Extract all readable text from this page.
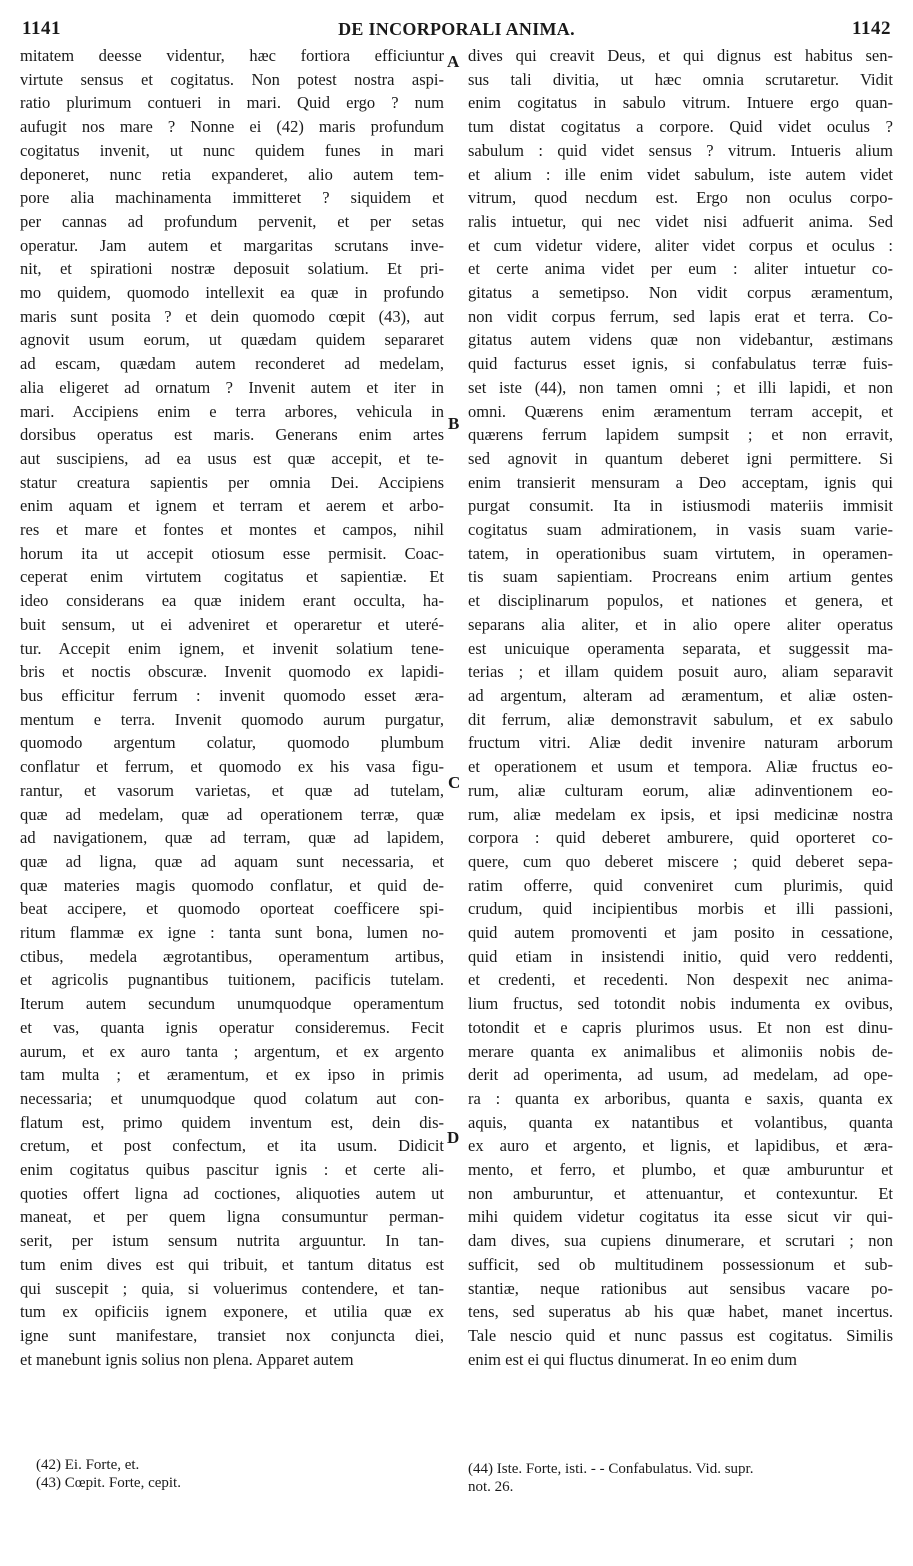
1141	DE INCORPORALI ANIMA.	1142
mitatem deesse videntur, hæc fortiora efficiuntur
virtute sensus et cogitatus. Non potest nostra aspi-
ratio plurimum contueri in mari. Quid ergo ? num
aufugit nos mare ? Nonne ei (42) maris profundum
cogitatus invenit, ut nunc quidem funes in mari
deponeret, nunc retia expanderet, alio autem tem-
pore alia machinamenta immitteret ? siquidem et
per cannas ad profundum pervenit, et per setas
operatur. Jam autem et margaritas scrutans inve-
nit, et spirationi nostræ deposuit solatium. Et pri-
mo quidem, quomodo intellexit ea quæ in profundo
maris sunt posita ? et dein quomodo cœpit (43), aut
agnovit usum eorum, ut quædam quidem separaret
ad escam, quædam autem reconderet ad medelam,
alia eligeret ad ornatum ? Invenit autem et iter in
mari. Accipiens enim e terra arbores, vehicula in
dorsibus operatus est maris. Generans enim artes
aut suscipiens, ad ea usus est quæ accepit, et te-
statur creatura sapientis per omnia Dei. Accipiens
enim aquam et ignem et terram et aerem et arbo-
res et mare et fontes et montes et campos, nihil
horum ita ut accepit otiosum esse permisit. Coac-
ceperat enim virtutem cogitatus et sapientiæ. Et
ideo considerans ea quæ inidem erant occulta, ha-
buit sensum, ut ei adveniret et operaretur et uteré-
tur. Accepit enim ignem, et invenit solatium tene-
bris et noctis obscuræ. Invenit quomodo ex lapidi-
bus efficitur ferrum : invenit quomodo esset æra-
mentum e terra. Invenit quomodo aurum purgatur,
quomodo argentum colatur, quomodo plumbum
conflatur et ferrum, et quomodo ex his vasa figu-
rantur, et vasorum varietas, et quæ ad tutelam,
quæ ad medelam, quæ ad operationem terræ, quæ
ad navigationem, quæ ad terram, quæ ad lapidem,
quæ ad ligna, quæ ad aquam sunt necessaria, et
quæ materies magis quomodo conflatur, et quid de-
beat accipere, et quomodo oporteat coefficere spi-
ritum flammæ ex igne : tanta sunt bona, lumen no-
ctibus, medela ægrotantibus, operamentum artibus,
et agricolis pugnantibus tuitionem, pacificis tutelam.
Iterum autem secundum unumquodque operamentum
et vas, quanta ignis operatur consideremus. Fecit
aurum, et ex auro tanta ; argentum, et ex argento
tam multa ; et æramentum, et ex ipso in primis
necessaria; et unumquodque quod colatum aut con-
flatum est, primo quidem inventum est, dein dis-
cretum, et post confectum, et ita usum. Didicit
enim cogitatus quibus pascitur ignis : et certe ali-
quoties offert ligna ad coctiones, aliquoties autem ut
maneat, et per quem ligna consumuntur perman-
serit, per istum sensum nutrita arguuntur. In tan-
tum enim dives est qui tribuit, et tantum ditatus est
qui suscepit ; quia, si voluerimus contendere, et tan-
tum ex opificiis ignem exponere, et utilia quæ ex
igne sunt manifestare, transiet nox conjuncta diei,
et manebunt ignis solius non plena. Apparet autem
dives qui creavit Deus, et qui dignus est habitus sen-
sus tali divitia, ut hæc omnia scrutaretur. Vidit
enim cogitatus in sabulo vitrum. Intuere ergo quan-
tum distat cogitatus a corpore. Quid videt oculus ?
sabulum : quid videt sensus ? vitrum. Intueris alium
et alium : ille enim videt sabulum, iste autem videt
vitrum, quod necdum est. Ergo non oculus corpo-
ralis intuetur, qui nec videt nisi adfuerit anima. Sed
et cum videtur videre, aliter videt corpus et oculus :
et certe anima videt per eum : aliter intuetur co-
gitatus a semetipso. Non vidit corpus æramentum,
non vidit corpus ferrum, sed lapis erat et terra. Co-
gitatus autem videns quæ non videbantur, æstimans
quid facturus esset ignis, si confabulatus terræ fuis-
set iste (44), non tamen omni ; et illi lapidi, et non
omni. Quærens enim æramentum terram accepit, et
quærens ferrum lapidem sumpsit ; et non erravit,
sed agnovit in quantum deberet igni permittere. Si
enim transierit mensuram a Deo acceptam, ignis qui
purgat consumit. Ita in istiusmodi materiis immisit
cogitatus suam admirationem, in vasis suam varie-
tatem, in operationibus suam virtutem, in operamen-
tis suam sapientiam. Procreans enim artium gentes
et disciplinarum populos, et nationes et genera, et
separans alia aliter, et in alio opere aliter operatus
est unicuique operamenta separata, et suggessit ma-
terias ; et illam quidem posuit auro, aliam separavit
ad argentum, alteram ad æramentum, et aliæ osten-
dit ferrum, aliæ demonstravit sabulum, et ex sabulo
fructum vitri. Aliæ dedit invenire naturam arborum
et operationem et usum et tempora. Aliæ fructus eo-
rum, aliæ culturam eorum, aliæ adinventionem eo-
rum, aliæ medelam ex ipsis, et ipsi medicinæ nostra
corpora : quid deberet amburere, quid oporteret co-
quere, cum quo deberet miscere ; quid deberet sepa-
ratim offerre, quid conveniret cum plurimis, quid
crudum, quid incipientibus morbis et illi passioni,
quid autem promoventi et jam posito in cessatione,
quid etiam in insistendi initio, quid vero reddenti,
et credenti, et recedenti. Non despexit nec anima-
lium fructus, sed totondit nobis indumenta ex ovibus,
totondit et e capris plurimos usus. Et non est dinu-
merare quanta ex animalibus et alimoniis nobis de-
derit ad operimenta, ad usum, ad medelam, ad ope-
ra : quanta ex arboribus, quanta e saxis, quanta ex
aquis, quanta ex natantibus et volantibus, quanta
ex auro et argento, et lignis, et lapidibus, et æra-
mento, et ferro, et plumbo, et quæ amburuntur et
non amburuntur, et attenuantur, et contexuntur. Et
mihi quidem videtur cogitatus ita esse sicut vir qui-
dam dives, sua cupiens dinumerare, et scrutari ; non
sufficit, sed ob multitudinem possessionum et sub-
stantiæ, neque rationibus aut sensibus vacare po-
tens, sed superatus ab his quæ habet, manet incertus.
Tale nescio quid et nunc passus est cogitatus. Similis
enim est ei qui fluctus dinumerat. In eo enim dum
A
B
C
D
(42) Ei. Forte, et.
(43) Cœpit. Forte, cepit.
(44) Iste. Forte, isti. - - Confabulatus. Vid. supr.
not. 26.
